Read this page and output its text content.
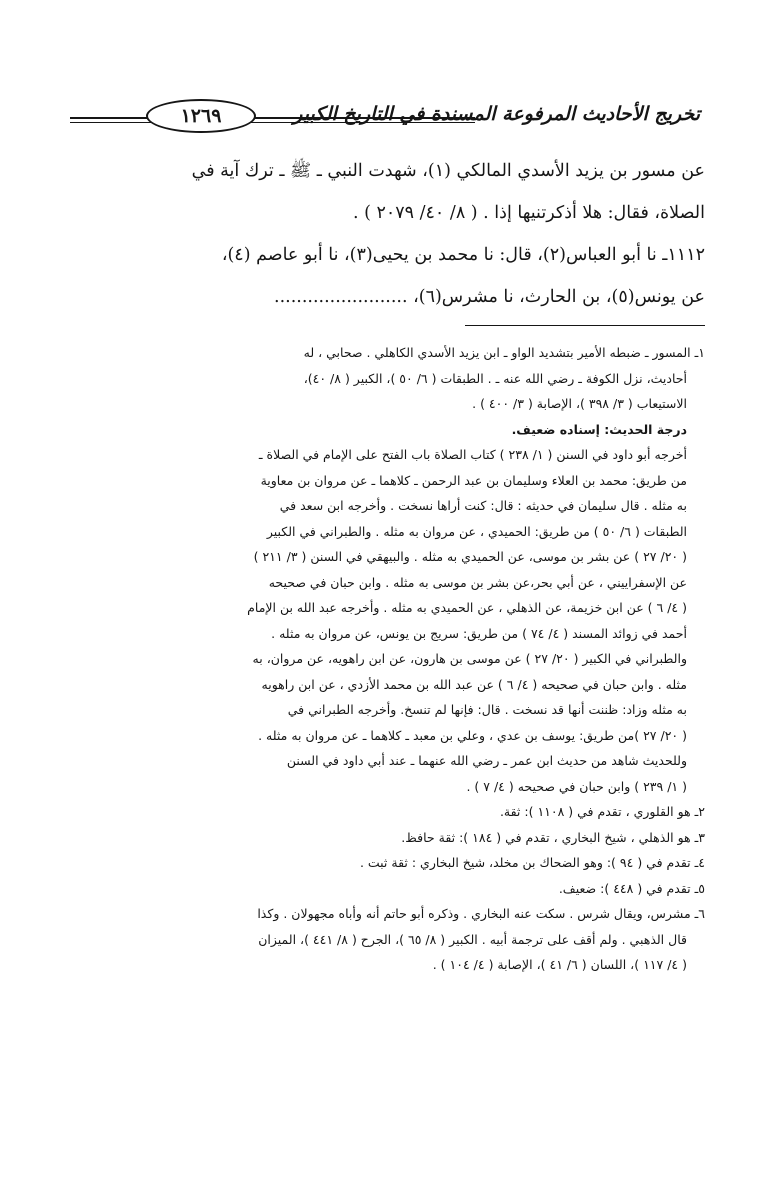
تخريج الأحاديث المرفوعة المسندة في التاريخ الكبير
١٢٦٩
عن مسور بن يزيد الأسدي المالكي (١)، شهدت النبي ـ ﷺ ـ ترك آية في
الصلاة، فقال: هلا أذكرتنيها إذا . ( ٨/ ٤٠/ ٢٠٧٩ ) .
١١١٢ـ نا أبو العباس(٢)، قال: نا محمد بن يحيى(٣)، نا أبو عاصم (٤)،
عن يونس(٥)، بن الحارث، نا مشرس(٦)، ........................
١ـ المسور ـ ضبطه الأمير بتشديد الواو ـ ابن يزيد الأسدي الكاهلي . صحابي ، له
أحاديث، نزل الكوفة ـ رضي الله عنه ـ . الطبقات ( ٦/ ٥٠ )، الكبير ( ٨/ ٤٠)،
الاستيعاب ( ٣/ ٣٩٨ )، الإصابة ( ٣/ ٤٠٠ ) .
درجة الحديث: إسناده ضعيف.
أخرجه أبو داود في السنن ( ١/ ٢٣٨ ) كتاب الصلاة باب الفتح على الإمام في الصلاة ـ
من طريق: محمد بن العلاء وسليمان بن عبد الرحمن ـ كلاهما ـ عن مروان بن معاوية
به مثله . قال سليمان في حديثه : قال: كنت أراها نسخت . وأخرجه ابن سعد في
الطبقات ( ٦/ ٥٠ ) من طريق: الحميدي ، عن مروان به مثله . والطبراني في الكبير
( ٢٠/ ٢٧ ) عن بشر بن موسى، عن الحميدي به مثله . والبيهقي في السنن ( ٣/ ٢١١ )
عن الإسفراييني ، عن أبي بحر،عن بشر بن موسى به مثله . وابن حبان في صحيحه
( ٤/ ٦ ) عن ابن خزيمة، عن الذهلي ، عن الحميدي به مثله . وأخرجه عبد الله بن الإمام
أحمد في زوائد المسند ( ٤/ ٧٤ ) من طريق: سريج بن يونس، عن مروان به مثله .
والطبراني في الكبير ( ٢٠/ ٢٧ ) عن موسى بن هارون، عن ابن راهويه، عن مروان، به
مثله . وابن حبان في صحيحه ( ٤/ ٦ ) عن عبد الله بن محمد الأزدي ، عن ابن راهويه
به مثله وزاد: ظننت أنها قد نسخت . قال: فإنها لم تنسخ. وأخرجه الطبراني في
( ٢٠/ ٢٧ )من طريق: يوسف بن عدي ، وعلي بن معبد ـ كلاهما ـ عن مروان به مثله .
وللحديث شاهد من حديث ابن عمر ـ رضي الله عنهما ـ عند أبي داود في السنن
( ١/ ٢٣٩ ) وابن حبان في صحيحه ( ٤/ ٧ ) .
٢ـ هو القلوري ، تقدم في ( ١١٠٨ ): ثقة.
٣ـ هو الذهلي ، شيخ البخاري ، تقدم في ( ١٨٤ ): ثقة حافظ.
٤ـ تقدم في ( ٩٤ ): وهو الضحاك بن مخلد، شيخ البخاري : ثقة ثبت .
٥ـ تقدم في ( ٤٤٨ ): ضعيف.
٦ـ مشرس، ويقال شرس . سكت عنه البخاري . وذكره أبو حاتم أنه وأباه مجهولان . وكذا
قال الذهبي . ولم أقف على ترجمة أبيه . الكبير ( ٨/ ٦٥ )، الجرح ( ٨/ ٤٤١ )، الميزان
( ٤/ ١١٧ )، اللسان ( ٦/ ٤١ )، الإصابة ( ٤/ ١٠٤ ) .
